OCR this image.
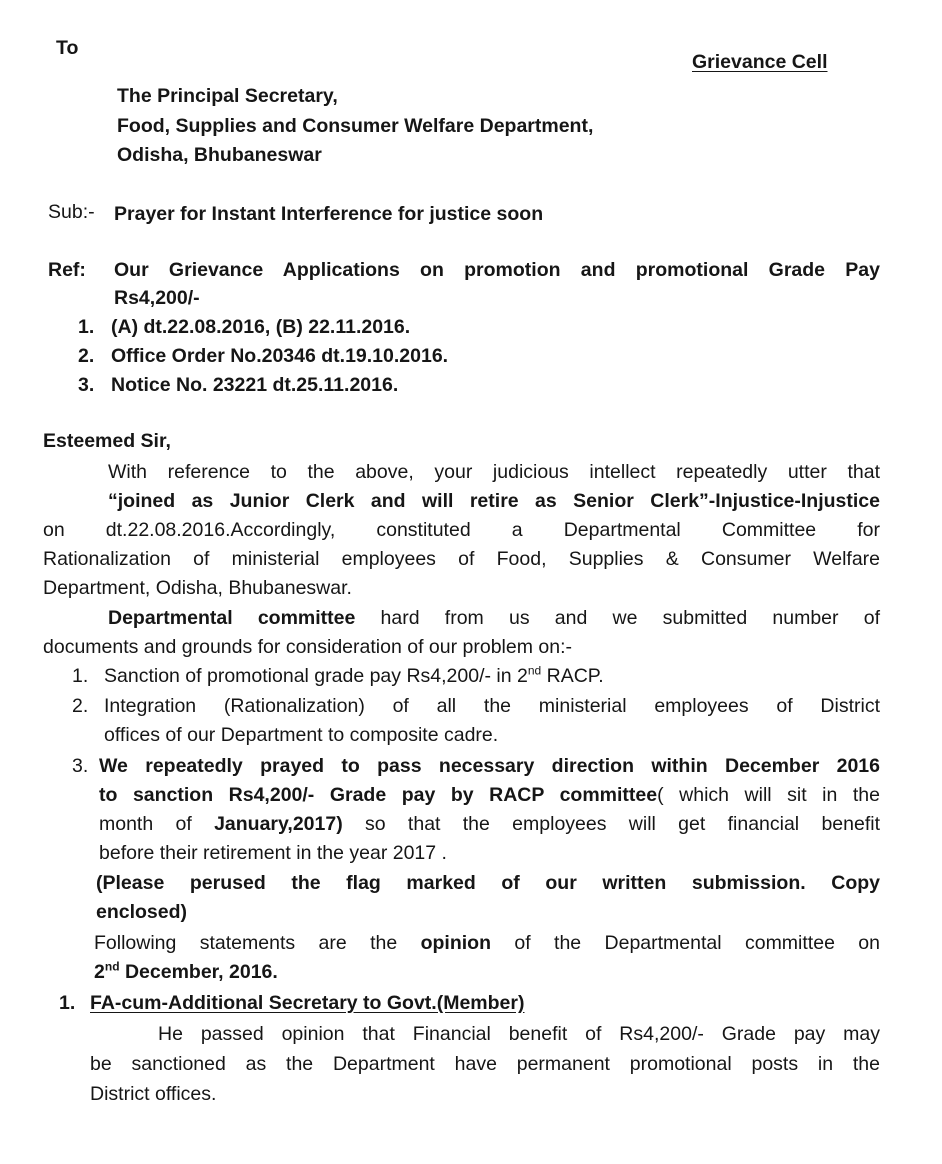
To
Grievance Cell
The Principal Secretary,
Food, Supplies and Consumer Welfare Department,
Odisha, Bhubaneswar
Sub:- Prayer for Instant Interference for justice soon
Ref: Our Grievance Applications on promotion and promotional Grade Pay
Rs4,200/-
1. (A) dt.22.08.2016, (B) 22.11.2016.
2. Office Order No.20346 dt.19.10.2016.
3. Notice No. 23221 dt.25.11.2016.
Esteemed Sir,
With reference to the above, your judicious intellect repeatedly utter that
“joined as Junior Clerk and will retire as Senior Clerk”-Injustice-Injustice
on dt.22.08.2016.Accordingly, constituted a Departmental Committee for
Rationalization of ministerial employees of Food, Supplies & Consumer Welfare
Department, Odisha, Bhubaneswar.
Departmental committee hard from us and we submitted number of
documents and grounds for consideration of our problem on:-
1. Sanction of promotional grade pay Rs4,200/- in 2nd RACP.
2. Integration (Rationalization) of all the ministerial employees of District
offices of our Department to composite cadre.
3. We repeatedly prayed to pass necessary direction within December 2016
to sanction Rs4,200/- Grade pay by RACP committee( which will sit in the
month of January,2017) so that the employees will get financial benefit
before their retirement in the year 2017 .
(Please perused the flag marked of our written submission. Copy
enclosed)
Following statements are the opinion of the Departmental committee on
2nd December, 2016.
1. FA-cum-Additional Secretary to Govt.(Member)
He passed opinion that Financial benefit of Rs4,200/- Grade pay may
be sanctioned as the Department have permanent promotional posts in the
District offices.
